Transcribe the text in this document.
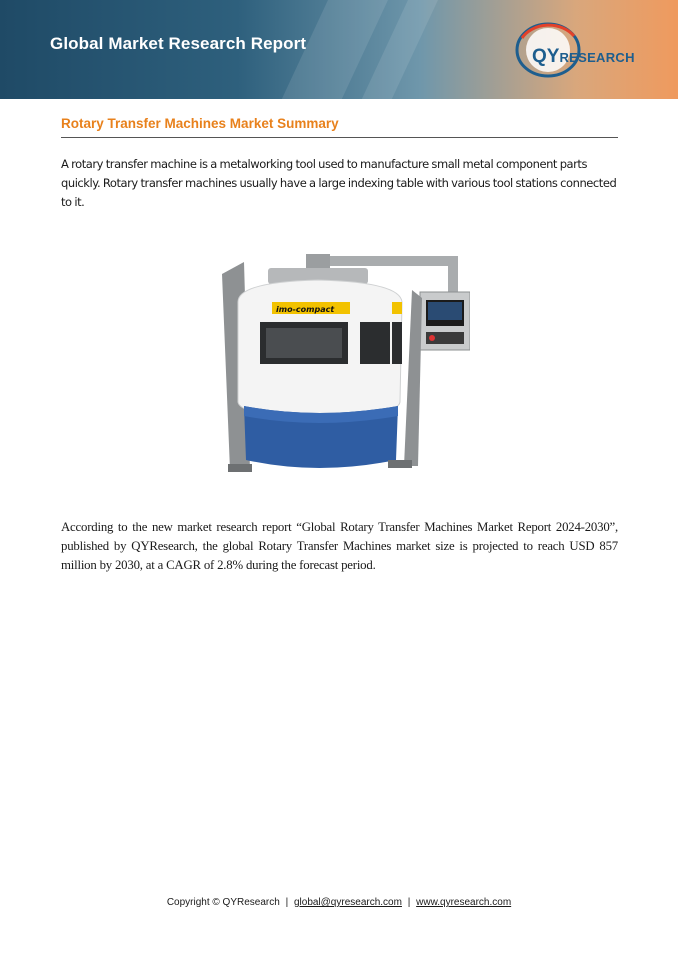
Global Market Research Report
QYRESEARCH
Rotary Transfer Machines Market Summary
A rotary transfer machine is a metalworking tool used to manufacture small metal component parts quickly. Rotary transfer machines usually have a large indexing table with various tool stations connected to it.
imo-compact
According to the new market research report “Global Rotary Transfer Machines Market Report 2024-2030”, published by QYResearch, the global Rotary Transfer Machines market size is projected to reach USD 857 million by 2030, at a CAGR of 2.8% during the forecast period.
Copyright © QYResearch | global@qyresearch.com | www.qyresearch.com
